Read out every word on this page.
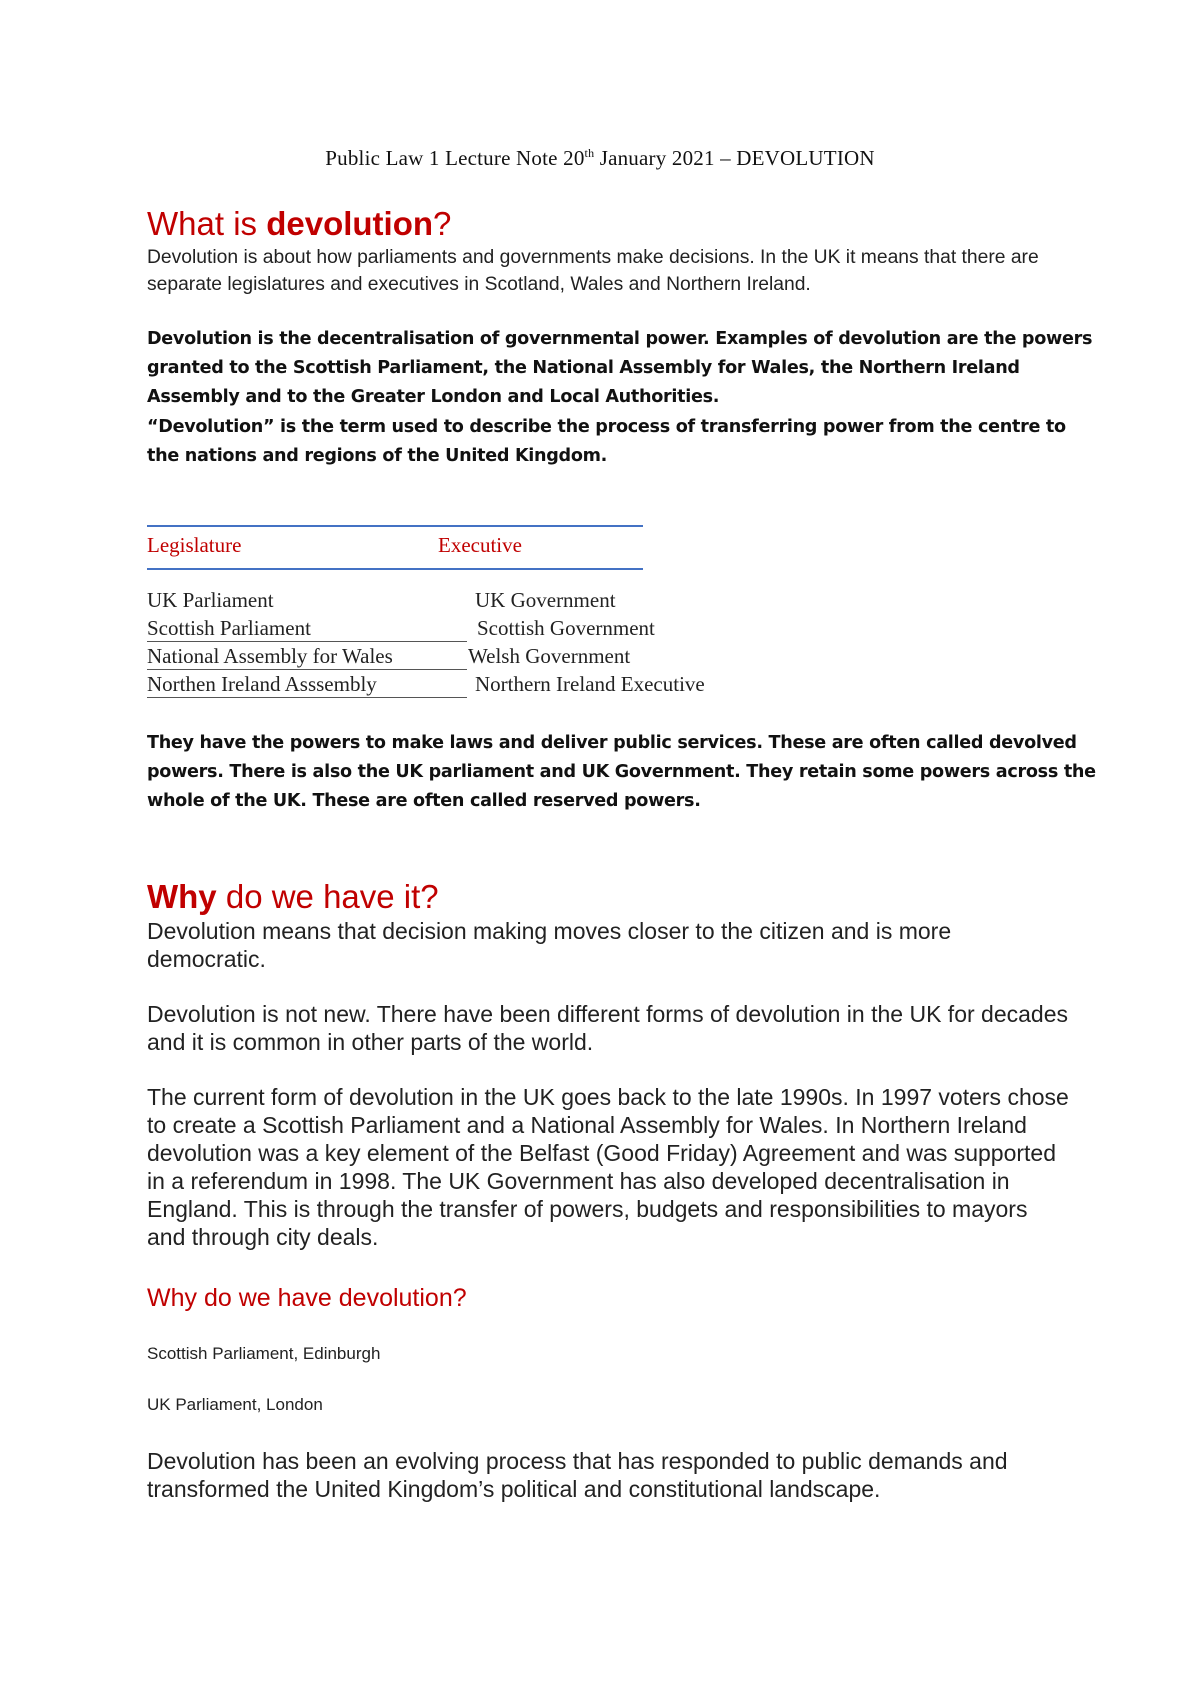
Public Law 1 Lecture Note 20th January 2021 – DEVOLUTION
What is devolution?

Devolution is about how parliaments and governments make decisions. In the UK it means that there are separate legislatures and executives in Scotland, Wales and Northern Ireland.

Devolution is the decentralisation of governmental power. Examples of devolution are the powers granted to the Scottish Parliament, the National Assembly for Wales, the Northern Ireland Assembly and to the Greater London and Local Authorities.

“Devolution” is the term used to describe the process of transferring power from the centre to the nations and regions of the United Kingdom.

Legislature	Executive
UK Parliament	UK Government
Scottish Parliament	Scottish Government
National Assembly for Wales	Welsh Government
Northen Ireland Asssembly	Northern Ireland Executive

They have the powers to make laws and deliver public services. These are often called devolved powers. There is also the UK parliament and UK Government. They retain some powers across the whole of the UK. These are often called reserved powers.

Why do we have it?

Devolution means that decision making moves closer to the citizen and is more democratic.

Devolution is not new. There have been different forms of devolution in the UK for decades and it is common in other parts of the world.

The current form of devolution in the UK goes back to the late 1990s. In 1997 voters chose to create a Scottish Parliament and a National Assembly for Wales. In Northern Ireland devolution was a key element of the Belfast (Good Friday) Agreement and was supported in a referendum in 1998. The UK Government has also developed decentralisation in England. This is through the transfer of powers, budgets and responsibilities to mayors and through city deals.

Why do we have devolution?

Scottish Parliament, Edinburgh

UK Parliament, London

Devolution has been an evolving process that has responded to public demands and transformed the United Kingdom’s political and constitutional landscape.
